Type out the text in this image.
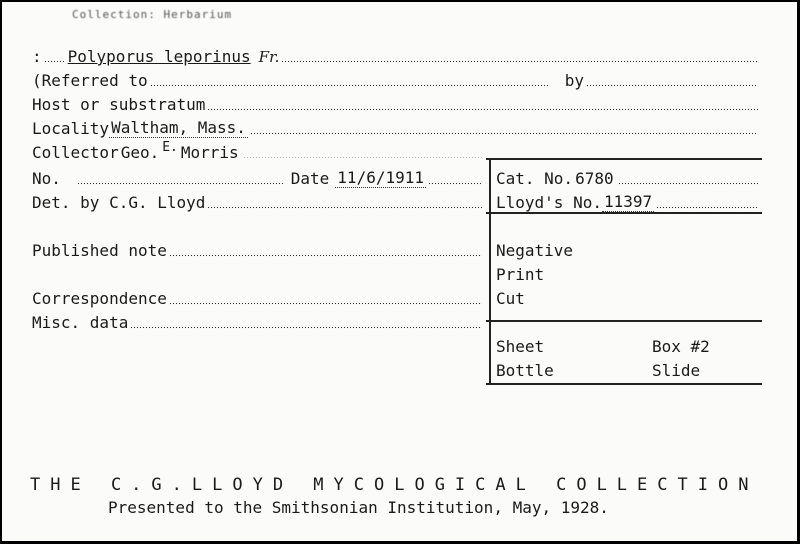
Collection: Herbarium
: Polyporus leporinus Fr.
(Referred to	by
Host or substratum
Locality Waltham, Mass.
Collector Geo. E. Morris
No.	Date 11/6/1911	Cat. No. 6780
Det. by C.G. Lloyd	Lloyd's No. 11397
Published note	Negative
Print
Correspondence	Cut
Misc. data
Sheet	Box #2
Bottle	Slide
THE C.G.LLOYD MYCOLOGICAL COLLECTION
Presented to the Smithsonian Institution, May, 1928.
